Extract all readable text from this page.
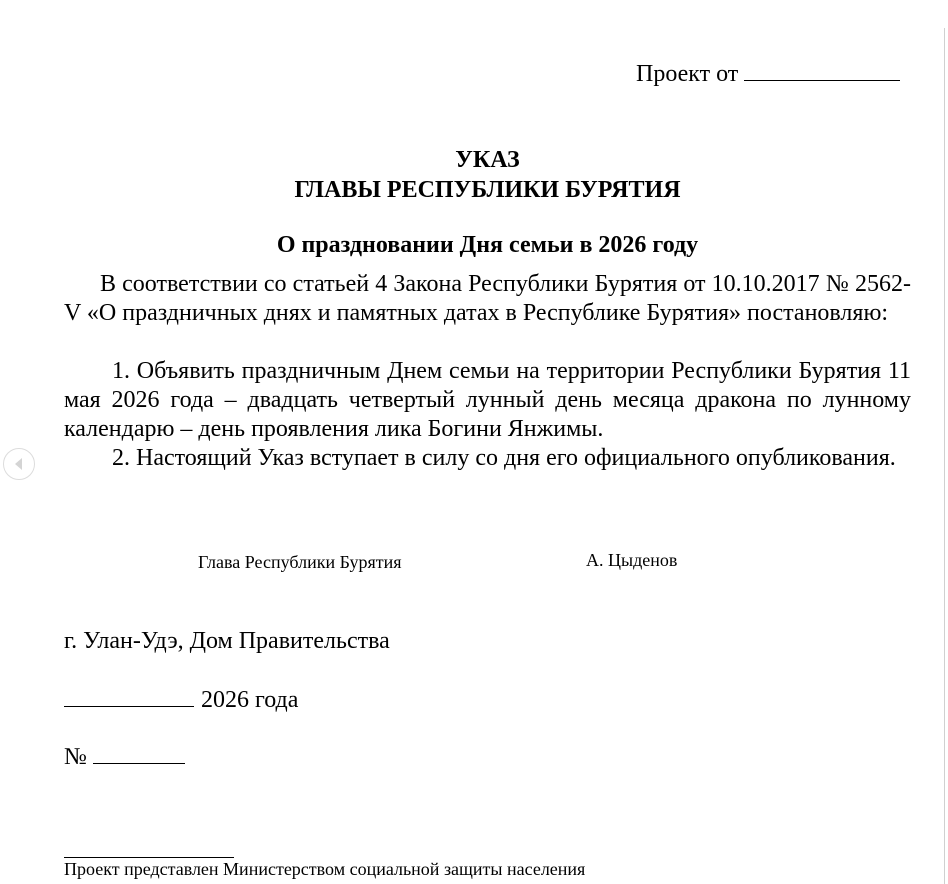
Проект от
УКАЗ
ГЛАВЫ РЕСПУБЛИКИ БУРЯТИЯ
О праздновании Дня семьи в 2026 году
В соответствии со статьей 4 Закона Республики Бурятия от 10.10.2017 № 2562-V «О праздничных днях и памятных датах в Республике Бурятия» постановляю:
1. Объявить праздничным Днем семьи на территории Республики Бурятия 11 мая 2026 года – двадцать четвертый лунный день месяца дракона по лунному календарю – день проявления лика Богини Янжимы.
2. Настоящий Указ вступает в силу со дня его официального опубликования.
Глава Республики Бурятия	А. Цыденов
г. Улан-Удэ, Дом Правительства
2026 года
№
Проект представлен Министерством социальной защиты населения
